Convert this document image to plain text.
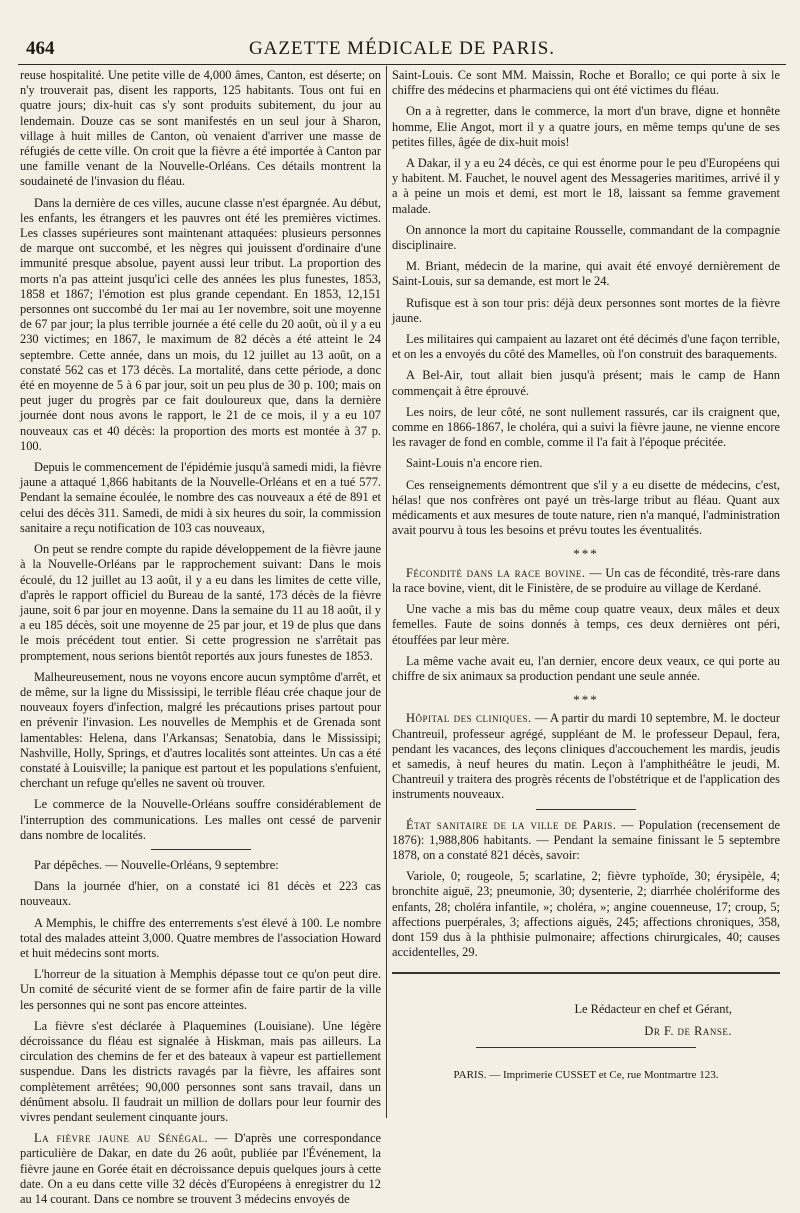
464	GAZETTE MÉDICALE DE PARIS.

reuse hospitalité. Une petite ville de 4,000 âmes, Canton, est déserte; on n'y trouverait pas, disent les rapports, 125 habitants. Tous ont fui en quatre jours; dix-huit cas s'y sont produits subitement, du jour au lendemain. Douze cas se sont manifestés en un seul jour à Sharon, village à huit milles de Canton, où venaient d'arriver une masse de réfugiés de cette ville. On croit que la fièvre a été importée à Canton par une famille venant de la Nouvelle-Orléans. Ces détails montrent la soudaineté de l'invasion du fléau.

Dans la dernière de ces villes, aucune classe n'est épargnée. Au début, les enfants, les étrangers et les pauvres ont été les premières victimes. Les classes supérieures sont maintenant attaquées: plusieurs personnes de marque ont succombé, et les nègres qui jouissent d'ordinaire d'une immunité presque absolue, payent aussi leur tribut. La proportion des morts n'a pas atteint jusqu'ici celle des années les plus funestes, 1853, 1858 et 1867; l'émotion est plus grande cependant. En 1853, 12,151 personnes ont succombé du 1er mai au 1er novembre, soit une moyenne de 67 par jour; la plus terrible journée a été celle du 20 août, où il y a eu 230 victimes; en 1867, le maximum de 82 décès a été atteint le 24 septembre. Cette année, dans un mois, du 12 juillet au 13 août, on a constaté 562 cas et 173 décès. La mortalité, dans cette période, a donc été en moyenne de 5 à 6 par jour, soit un peu plus de 30 p. 100; mais on peut juger du progrès par ce fait douloureux que, dans la dernière journée dont nous avons le rapport, le 21 de ce mois, il y a eu 107 nouveaux cas et 40 décès: la proportion des morts est montée à 37 p. 100.

Depuis le commencement de l'épidémie jusqu'à samedi midi, la fièvre jaune a attaqué 1,866 habitants de la Nouvelle-Orléans et en a tué 577. Pendant la semaine écoulée, le nombre des cas nouveaux a été de 891 et celui des décès 311. Samedi, de midi à six heures du soir, la commission sanitaire a reçu notification de 103 cas nouveaux,

On peut se rendre compte du rapide développement de la fièvre jaune à la Nouvelle-Orléans par le rapprochement suivant: Dans le mois écoulé, du 12 juillet au 13 août, il y a eu dans les limites de cette ville, d'après le rapport officiel du Bureau de la santé, 173 décès de la fièvre jaune, soit 6 par jour en moyenne. Dans la semaine du 11 au 18 août, il y a eu 185 décès, soit une moyenne de 25 par jour, et 19 de plus que dans le mois précédent tout entier. Si cette progression ne s'arrêtait pas promptement, nous serions bientôt reportés aux jours funestes de 1853.

Malheureusement, nous ne voyons encore aucun symptôme d'arrêt, et de même, sur la ligne du Mississipi, le terrible fléau crée chaque jour de nouveaux foyers d'infection, malgré les précautions prises partout pour en prévenir l'invasion. Les nouvelles de Memphis et de Grenada sont lamentables: Helena, dans l'Arkansas; Senatobia, dans le Mississipi; Nashville, Holly, Springs, et d'autres localités sont atteintes. Un cas a été constaté à Louisville; la panique est partout et les populations s'enfuient, cherchant un refuge qu'elles ne savent où trouver.

Le commerce de la Nouvelle-Orléans souffre considérablement de l'interruption des communications. Les malles ont cessé de parvenir dans nombre de localités.

Par dépêches. — Nouvelle-Orléans, 9 septembre:

Dans la journée d'hier, on a constaté ici 81 décès et 223 cas nouveaux.

A Memphis, le chiffre des enterrements s'est élevé à 100. Le nombre total des malades atteint 3,000. Quatre membres de l'association Howard et huit médecins sont morts.

L'horreur de la situation à Memphis dépasse tout ce qu'on peut dire. Un comité de sécurité vient de se former afin de faire partir de la ville les personnes qui ne sont pas encore atteintes.

La fièvre s'est déclarée à Plaquemines (Louisiane). Une légère décroissance du fléau est signalée à Hiskman, mais pas ailleurs. La circulation des chemins de fer et des bateaux à vapeur est partiellement suspendue. Dans les districts ravagés par la fièvre, les affaires sont complètement arrêtées; 90,000 personnes sont sans travail, dans un dénûment absolu. Il faudrait un million de dollars pour leur fournir des vivres pendant seulement cinquante jours.

La fièvre jaune au Sénégal. — D'après une correspondance particulière de Dakar, en date du 26 août, publiée par l'Événement, la fièvre jaune en Gorée était en décroissance depuis quelques jours à cette date. On a eu dans cette ville 32 décès d'Européens à enregistrer du 12 au 14 courant. Dans ce nombre se trouvent 3 médecins envoyés de

Saint-Louis. Ce sont MM. Maissin, Roche et Borallo; ce qui porte à six le chiffre des médecins et pharmaciens qui ont été victimes du fléau.

On a à regretter, dans le commerce, la mort d'un brave, digne et honnête homme, Elie Angot, mort il y a quatre jours, en même temps qu'une de ses petites filles, âgée de dix-huit mois!

A Dakar, il y a eu 24 décès, ce qui est énorme pour le peu d'Européens qui y habitent. M. Fauchet, le nouvel agent des Messageries maritimes, arrivé il y a à peine un mois et demi, est mort le 18, laissant sa femme gravement malade.

On annonce la mort du capitaine Rousselle, commandant de la compagnie disciplinaire.

M. Briant, médecin de la marine, qui avait été envoyé dernièrement de Saint-Louis, sur sa demande, est mort le 24.

Rufisque est à son tour pris: déjà deux personnes sont mortes de la fièvre jaune.

Les militaires qui campaient au lazaret ont été décimés d'une façon terrible, et on les a envoyés du côté des Mamelles, où l'on construit des baraquements.

A Bel-Air, tout allait bien jusqu'à présent; mais le camp de Hann commençait à être éprouvé.

Les noirs, de leur côté, ne sont nullement rassurés, car ils craignent que, comme en 1866-1867, le choléra, qui a suivi la fièvre jaune, ne vienne encore les ravager de fond en comble, comme il l'a fait à l'époque précitée.

Saint-Louis n'a encore rien.

Ces renseignements démontrent que s'il y a eu disette de médecins, c'est, hélas! que nos confrères ont payé un très-large tribut au fléau. Quant aux médicaments et aux mesures de toute nature, rien n'a manqué, l'administration avait pourvu à tous les besoins et prévu toutes les éventualités.

***

Fécondité dans la race bovine. — Un cas de fécondité, très-rare dans la race bovine, vient, dit le Finistère, de se produire au village de Kerdané.

Une vache a mis bas du même coup quatre veaux, deux mâles et deux femelles. Faute de soins donnés à temps, ces deux dernières ont péri, étouffées par leur mère.

La même vache avait eu, l'an dernier, encore deux veaux, ce qui porte au chiffre de six animaux sa production pendant une seule année.

***

Hôpital des cliniques. — A partir du mardi 10 septembre, M. le docteur Chantreuil, professeur agrégé, suppléant de M. le professeur Depaul, fera, pendant les vacances, des leçons cliniques d'accouchement les mardis, jeudis et samedis, à neuf heures du matin. Leçon à l'amphithéâtre le jeudi, M. Chantreuil y traitera des progrès récents de l'obstétrique et de l'application des instruments nouveaux.

État sanitaire de la ville de Paris. — Population (recensement de 1876): 1,988,806 habitants. — Pendant la semaine finissant le 5 septembre 1878, on a constaté 821 décès, savoir:

Variole, 0; rougeole, 5; scarlatine, 2; fièvre typhoïde, 30; érysipèle, 4; bronchite aiguë, 23; pneumonie, 30; dysenterie, 2; diarrhée cholériforme des enfants, 28; choléra infantile, »; choléra, »; angine couenneuse, 17; croup, 5; affections puerpérales, 3; affections aiguës, 245; affections chroniques, 358, dont 159 dus à la phthisie pulmonaire; affections chirurgicales, 40; causes accidentelles, 29.

Le Rédacteur en chef et Gérant,
Dr F. de Ranse.
PARIS. — Imprimerie CUSSET et Ce, rue Montmartre 123.
